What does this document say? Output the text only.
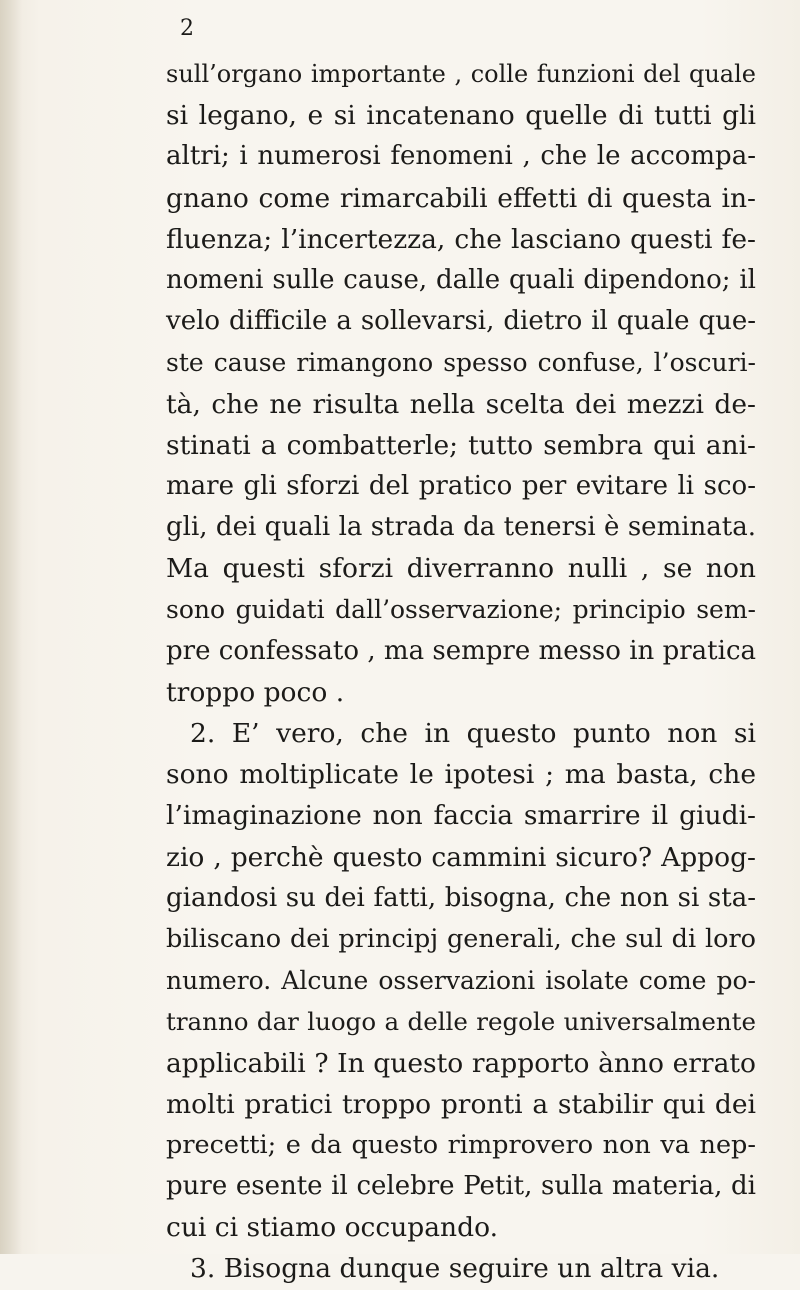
2
sull’organo importante , colle funzioni del quale
si legano, e si incatenano quelle di tutti gli
altri; i numerosi fenomeni , che le accompa-
gnano come rimarcabili effetti di questa in-
fluenza; l’incertezza, che lasciano questi fe-
nomeni sulle cause, dalle quali dipendono; il
velo difficile a sollevarsi, dietro il quale que-
ste cause rimangono spesso confuse, l’oscuri-
tà, che ne risulta nella scelta dei mezzi de-
stinati a combatterle; tutto sembra qui ani-
mare gli sforzi del pratico per evitare li sco-
gli, dei quali la strada da tenersi è seminata.
Ma questi sforzi diverranno nulli , se non
sono guidati dall’osservazione; principio sem-
pre confessato , ma sempre messo in pratica
troppo poco .
2. E’ vero, che in questo punto non si
sono moltiplicate le ipotesi ; ma basta, che
l’imaginazione non faccia smarrire il giudi-
zio , perchè questo cammini sicuro? Appog-
giandosi su dei fatti, bisogna, che non si sta-
biliscano dei principj generali, che sul di loro
numero. Alcune osservazioni isolate come po-
tranno dar luogo a delle regole universalmente
applicabili ? In questo rapporto ànno errato
molti pratici troppo pronti a stabilir qui dei
precetti; e da questo rimprovero non va nep-
pure esente il celebre Petit, sulla materia, di
cui ci stiamo occupando.
3. Bisogna dunque seguire un altra via.
